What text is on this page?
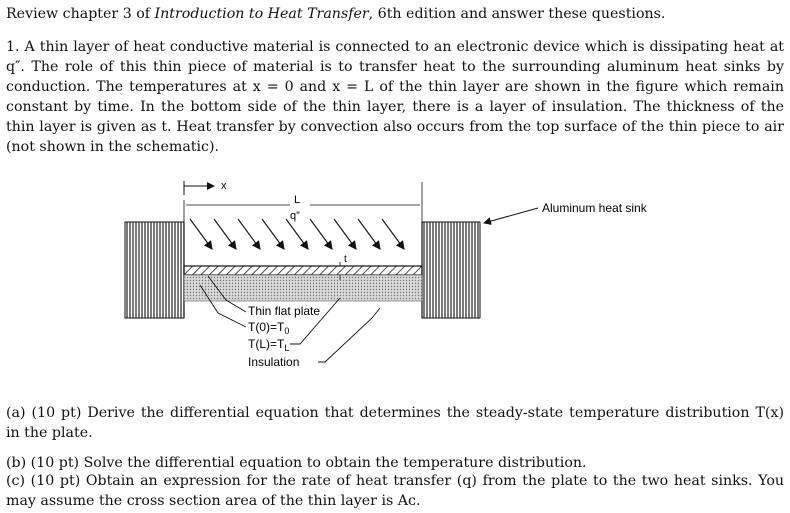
Review chapter 3 of Introduction to Heat Transfer, 6th edition and answer these questions.
1. A thin layer of heat conductive material is connected to an electronic device which is dissipating heat at
q″. The role of this thin piece of material is to transfer heat to the surrounding aluminum heat sinks by
conduction. The temperatures at x = 0 and x = L of the thin layer are shown in the figure which remain
constant by time. In the bottom side of the thin layer, there is a layer of insulation. The thickness of the
thin layer is given as t. Heat transfer by convection also occurs from the top surface of the thin piece to air
(not shown in the schematic).
x
L
q”
t
Aluminum heat sink
Thin flat plate
$T(0)=T_0$
$T(L)=T_L$
Insulation
(a) (10 pt) Derive the differential equation that determines the steady-state temperature distribution T(x)
in the plate.
(b) (10 pt) Solve the differential equation to obtain the temperature distribution.
(c) (10 pt) Obtain an expression for the rate of heat transfer (q) from the plate to the two heat sinks. You
may assume the cross section area of the thin layer is Aᴄ.
